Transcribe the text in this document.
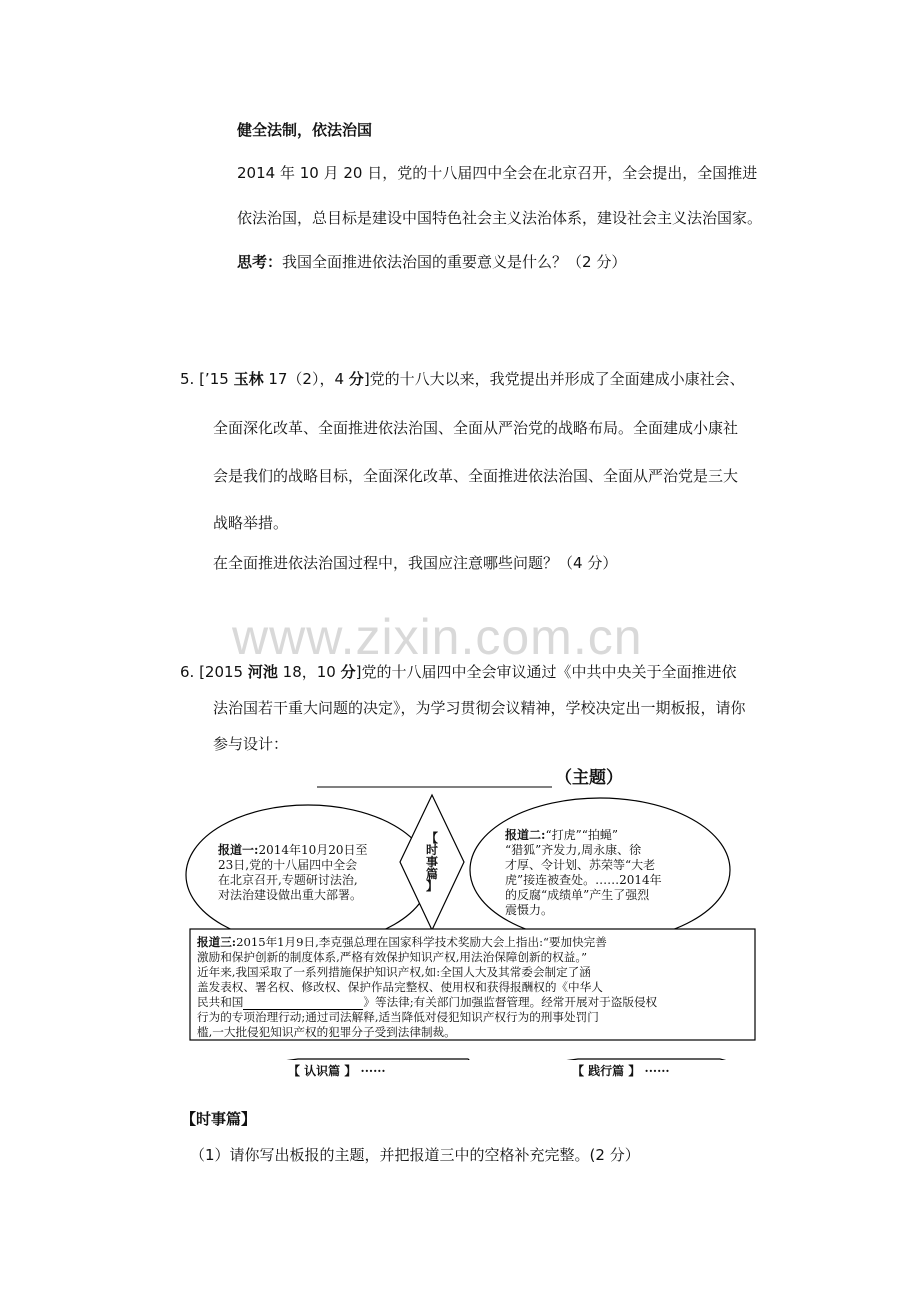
健全法制，依法治国
2014 年 10 月 20 日，党的十八届四中全会在北京召开，全会提出，全国推进
依法治国，总目标是建设中国特色社会主义法治体系，建设社会主义法治国家。
思考：我国全面推进依法治国的重要意义是什么？（2 分）
5. [’15 玉林 17（2），4 分]党的十八大以来，我党提出并形成了全面建成小康社会、
全面深化改革、全面推进依法治国、全面从严治党的战略布局。全面建成小康社
会是我们的战略目标，全面深化改革、全面推进依法治国、全面从严治党是三大
战略举措。
在全面推进依法治国过程中，我国应注意哪些问题？（4 分）
www.zixin.com.cn
6. [2015 河池 18，10 分]党的十八届四中全会审议通过《中共中央关于全面推进依
法治国若干重大问题的决定》，为学习贯彻会议精神，学校决定出一期板报，请你
参与设计：
（主题）
【
时
事
篇
】
报道一:2014年10月20日至
23日,党的十八届四中全会
在北京召开,专题研讨法治,
对法治建设做出重大部署。
报道二:“打虎”“拍蝇”
“猎狐”齐发力,周永康、徐
才厚、令计划、苏荣等“大老
虎”接连被查处。……2014年
的反腐“成绩单”产生了强烈
震慑力。
报道三:2015年1月9日,李克强总理在国家科学技术奖励大会上指出:“要加快完善
激励和保护创新的制度体系,严格有效保护知识产权,用法治保障创新的权益。”
近年来,我国采取了一系列措施保护知识产权,如:全国人大及其常委会制定了涵
盖发表权、署名权、修改权、保护作品完整权、使用权和获得报酬权的《中华人
民共和国	》等法律;有关部门加强监督管理。经常开展对于盗版侵权
行为的专项治理行动;通过司法解释,适当降低对侵犯知识产权行为的刑事处罚门
槛,一大批侵犯知识产权的犯罪分子受到法律制裁。
【 认识篇 】 ······	【 践行篇 】 ······
【时事篇】
（1）请你写出板报的主题，并把报道三中的空格补充完整。(2 分）
